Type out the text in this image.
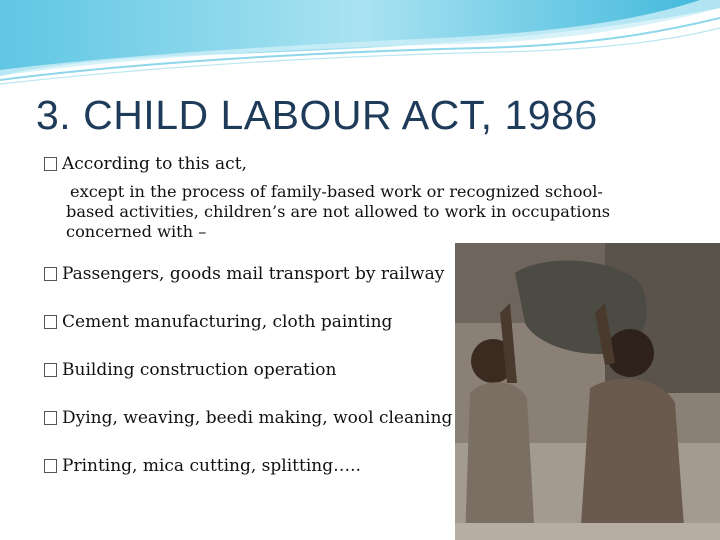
3. CHILD LABOUR ACT, 1986
According to this act,
except in the process of family-based work or recognized school-
based activities, children’s are not allowed to work in occupations
concerned with –
Passengers, goods mail transport by railway
Cement manufacturing, cloth painting
Building construction operation
Dying, weaving, beedi making, wool cleaning
Printing, mica cutting, splitting…..
